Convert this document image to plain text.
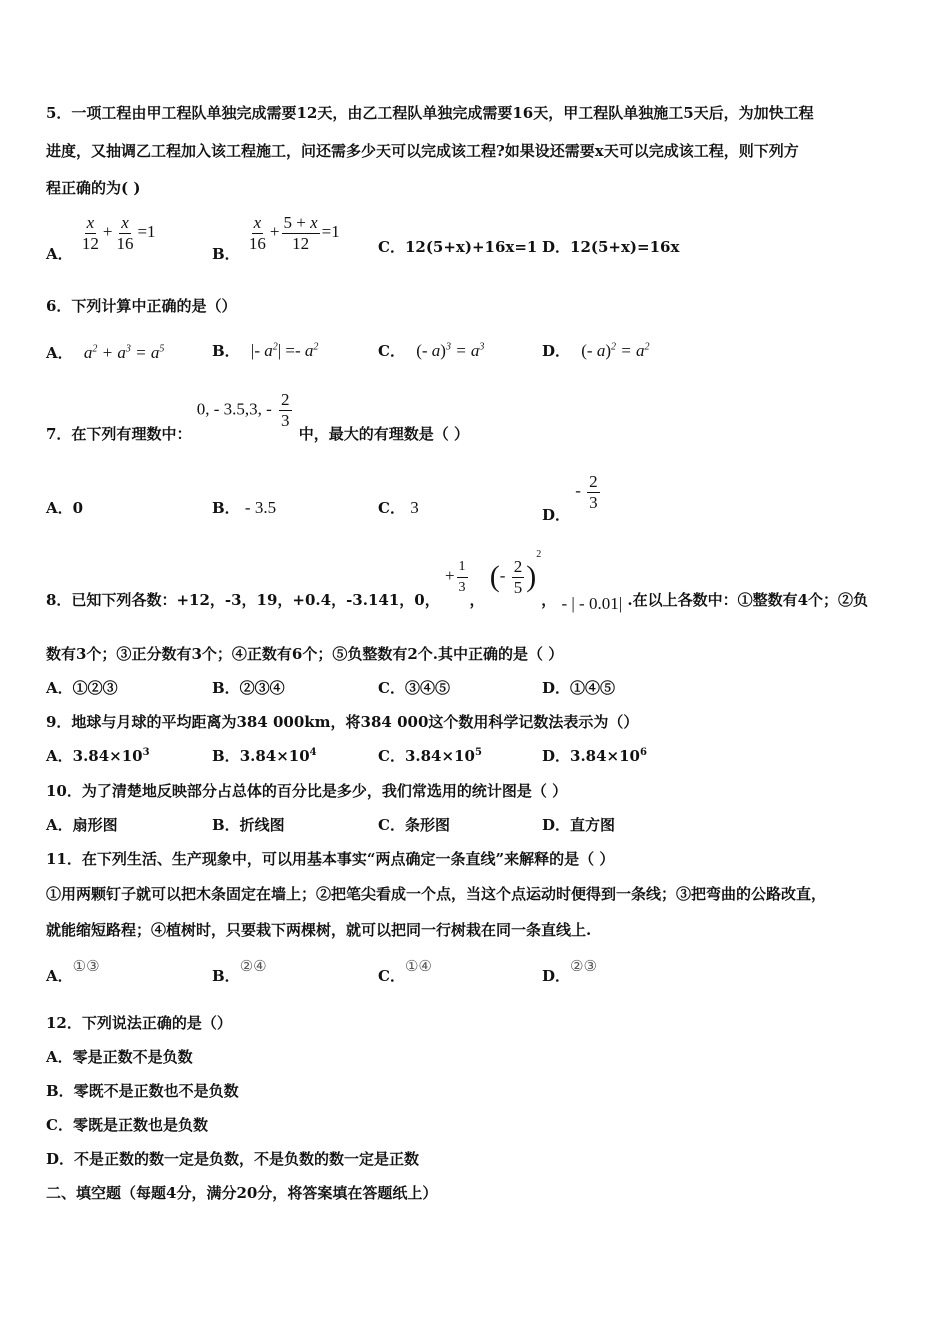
5．一项工程由甲工程队单独完成需要12天，由乙工程队单独完成需要16天，甲工程队单独施工5天后，为加快工程
进度，又抽调乙工程加入该工程施工，问还需多少天可以完成该工程?如果设还需要x天可以完成该工程，则下列方
程正确的为( )
A．
$\frac{x}{12} + \frac{x}{16} =1$
B．
$\frac{x}{16} + \frac{5 + x}{12} =1$
C．12(5+x)+16x=1 D．12(5+x)=16x
6．下列计算中正确的是（）
A． $a^2 + a^3 = a^5$	B． |- $a^2| =- a^2$	C． (- $a)^3 = a^3$	D． (- $a)^2 = a^2$
7．在下列有理数中： 0, - 3.5,3, - $\frac{2}{3}$
中，最大的有理数是（ ）
A．0	B． - 3.5	C． 3	D． - $\frac{2}{3}$
8．已知下列各数：+12，-3，19，+0.4，-3.141，0， + $\frac{1}{3}$
， (- $\frac{2}{5} )^2$， - | - 0.01| .在以上各数中：①整数有4个；②负
数有3个；③正分数有3个；④正数有6个；⑤负整数有2个.其中正确的是（ ）
A．①②③	B．②③④	C．③④⑤	D．①④⑤
9．地球与月球的平均距离为384 000km，将384 000这个数用科学记数法表示为（）
A．$3.84\times 10^3$	B．$3.84\times 10^4$	C．$3.84\times 10^5$	D．$3.84\times 10^6$
10．为了清楚地反映部分占总体的百分比是多少，我们常选用的统计图是（ ）
A．扇形图	B．折线图	C．条形图	D．直方图
11．在下列生活、生产现象中，可以用基本事实“两点确定一条直线”来解释的是（ ）
①用两颗钉子就可以把木条固定在墙上；②把笔尖看成一个点，当这个点运动时便得到一条线；③把弯曲的公路改直，
就能缩短路程；④植树时，只要栽下两棵树，就可以把同一行树栽在同一条直线上.
A．①③
B．②④
C．①④
D．②③
12．下列说法正确的是（）
A．零是正数不是负数
B．零既不是正数也不是负数
C．零既是正数也是负数
D．不是正数的数一定是负数，不是负数的数一定是正数
二、填空题（每题4分，满分20分，将答案填在答题纸上）
